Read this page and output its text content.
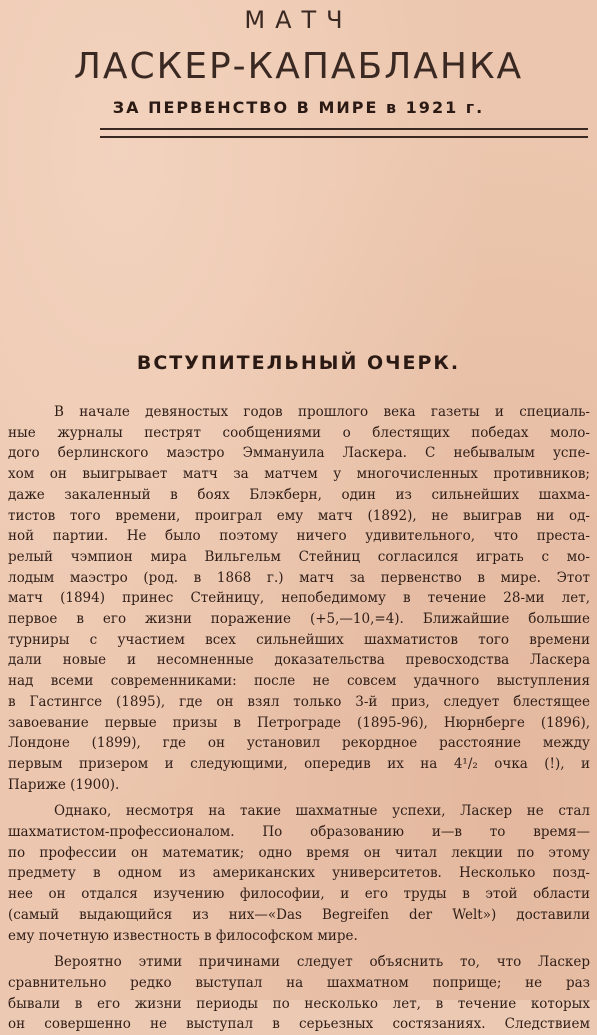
МАТЧ
ЛАСКЕР-КАПАБЛАНКА
ЗА ПЕРВЕНСТВО В МИРЕ в 1921 г.
ВСТУПИТЕЛЬНЫЙ ОЧЕРК.
В начале девяностых годов прошлого века газеты и специаль-
ные журналы пестрят сообщениями о блестящих победах моло-
дого берлинского маэстро Эммануила Ласкера. С небывалым успе-
хом он выигрывает матч за матчем у многочисленных противников;
даже закаленный в боях Блэкберн, один из сильнейших шахма-
тистов того времени, проиграл ему матч (1892), не выиграв ни од-
ной партии. Не было поэтому ничего удивительного, что преста-
релый чэмпион мира Вильгельм Стейниц согласился играть с мо-
лодым маэстро (род. в 1868 г.) матч за первенство в мире. Этот
матч (1894) принес Стейницу, непобедимому в течение 28-ми лет,
первое в его жизни поражение (+5,—10,=4). Ближайшие большие
турниры с участием всех сильнейших шахматистов того времени
дали новые и несомненные доказательства превосходства Ласкера
над всеми современниками: после не совсем удачного выступления
в Гастингсе (1895), где он взял только 3-й приз, следует блестящее
завоевание первые призы в Петрограде (1895-96), Нюрнберге (1896),
Лондоне (1899), где он установил рекордное расстояние между
первым призером и следующими, опередив их на 4¹/₂ очка (!), и
Париже (1900).
Однако, несмотря на такие шахматные успехи, Ласкер не стал
шахматистом-профессионалом. По образованию и—в то время—
по профессии он математик; одно время он читал лекции по этому
предмету в одном из американских университетов. Несколько позд-
нее он отдался изучению философии, и его труды в этой области
(самый выдающийся из них—«Das Begreifen der Welt») доставили
ему почетную известность в философском мире.
Вероятно этими причинами следует объяснить то, что Ласкер
сравнительно редко выступал на шахматном поприще; не раз
бывали в его жизни периоды по несколько лет, в течение которых
он совершенно не выступал в серьезных состязаниях. Следствием
